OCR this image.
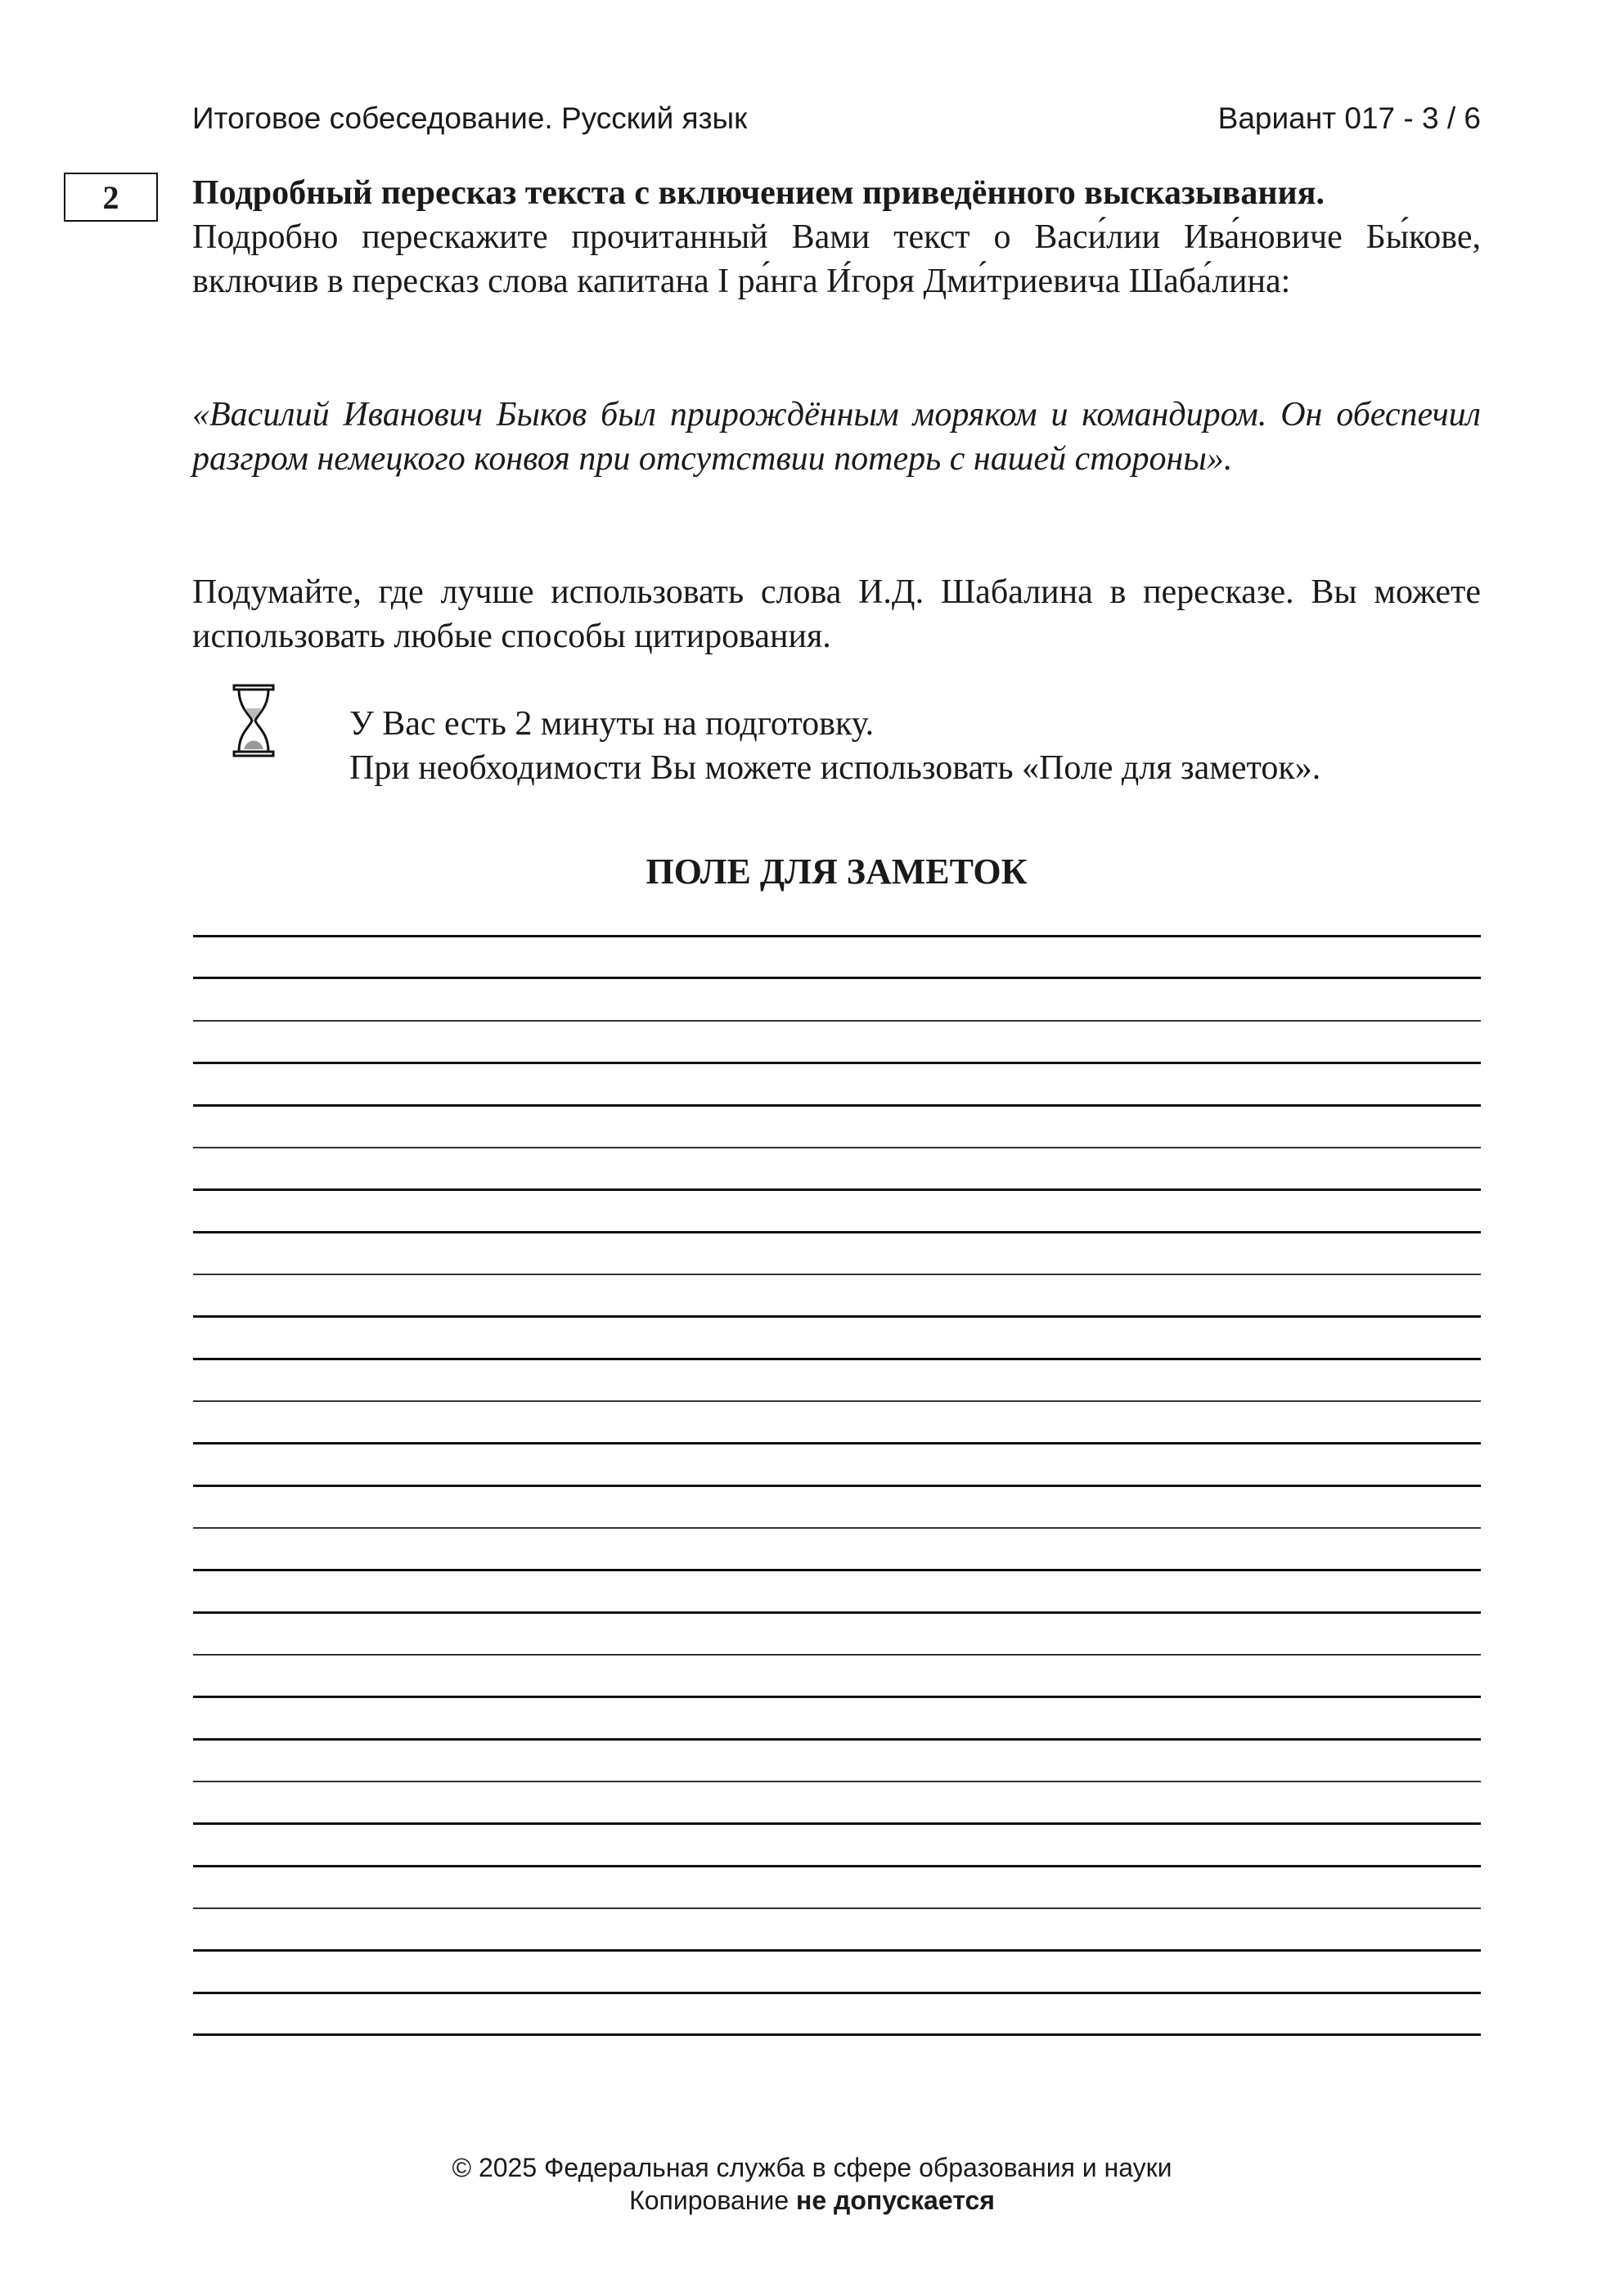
Итоговое собеседование. Русский язык	Вариант 017 - 3 / 6
2	Подробный пересказ текста с включением приведённого высказывания.
Подробно перескажите прочитанный Вами текст о Васи́лии Ива́новиче Бы́кове, включив в пересказ слова капитана I ра́нга И́горя Дми́триевича Шаба́лина:
«Василий Иванович Быков был прирождённым моряком и командиром. Он обеспечил разгром немецкого конвоя при отсутствии потерь с нашей стороны».
Подумайте, где лучше использовать слова И.Д. Шабалина в пересказе. Вы можете использовать любые способы цитирования.
У Вас есть 2 минуты на подготовку.
При необходимости Вы можете использовать «Поле для заметок».
ПОЛЕ ДЛЯ ЗАМЕТОК
© 2025 Федеральная служба в сфере образования и науки
Копирование не допускается
